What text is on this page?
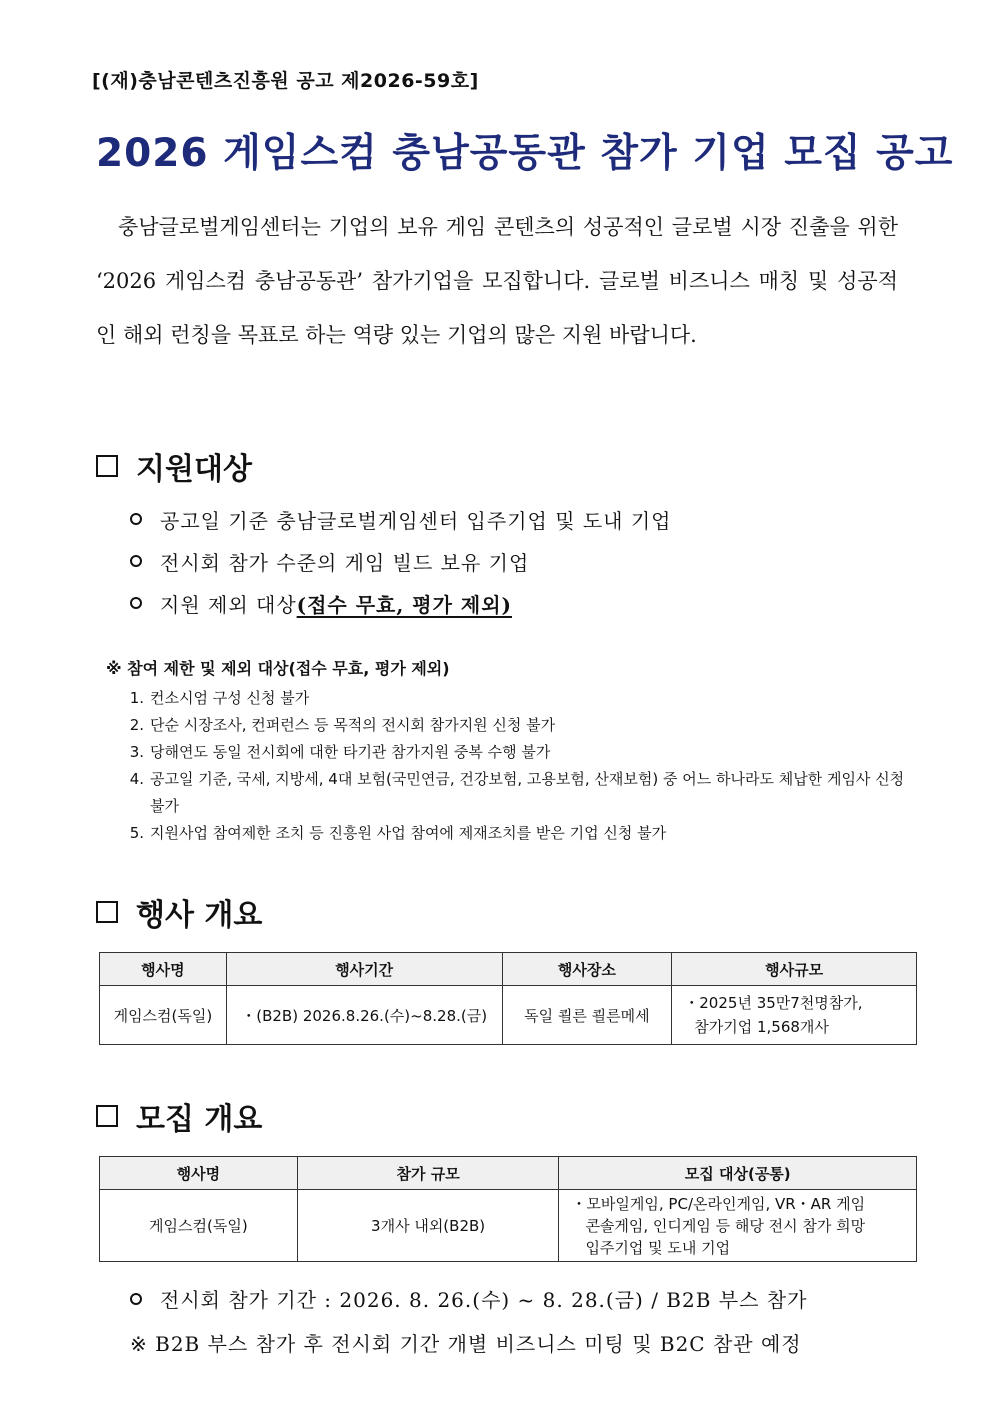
[(재)충남콘텐츠진흥원 공고 제2026-59호]
2026 게임스컴 충남공동관 참가 기업 모집 공고
충남글로벌게임센터는 기업의 보유 게임 콘텐츠의 성공적인 글로벌 시장 진출을 위한 ‘2026 게임스컴 충남공동관’ 참가기업을 모집합니다. 글로벌 비즈니스 매칭 및 성공적인 해외 런칭을 목표로 하는 역량 있는 기업의 많은 지원 바랍니다.
지원대상
공고일 기준 충남글로벌게임센터 입주기업 및 도내 기업
전시회 참가 수준의 게임 빌드 보유 기업
지원 제외 대상 (접수 무효, 평가 제외)
※ 참여 제한 및 제외 대상(접수 무효, 평가 제외)
1. 컨소시엄 구성 신청 불가
2. 단순 시장조사, 컨퍼런스 등 목적의 전시회 참가지원 신청 불가
3. 당해연도 동일 전시회에 대한 타기관 참가지원 중복 수행 불가
4. 공고일 기준, 국세, 지방세, 4대 보험(국민연금, 건강보험, 고용보험, 산재보험) 중 어느 하나라도 체납한 게임사 신청불가
5. 지원사업 참여제한 조치 등 진흥원 사업 참여에 제재조치를 받은 기업 신청 불가
행사 개요
행사명	행사기간	행사장소	행사규모
게임스컴(독일)	・(B2B) 2026.8.26.(수)~8.28.(금)	독일 쾰른 쾰른메세	・2025년 35만7천명참가,
참가기업 1,568개사
모집 개요
행사명	참가 규모	모집 대상(공통)
게임스컴(독일)	3개사 내외(B2B)	・모바일게임, PC/온라인게임, VR・AR 게임
콘솔게임, 인디게임 등 해당 전시 참가 희망
입주기업 및 도내 기업
전시회 참가 기간 : 2026. 8. 26.(수) ~ 8. 28.(금) / B2B 부스 참가
※ B2B 부스 참가 후 전시회 기간 개별 비즈니스 미팅 및 B2C 참관 예정
